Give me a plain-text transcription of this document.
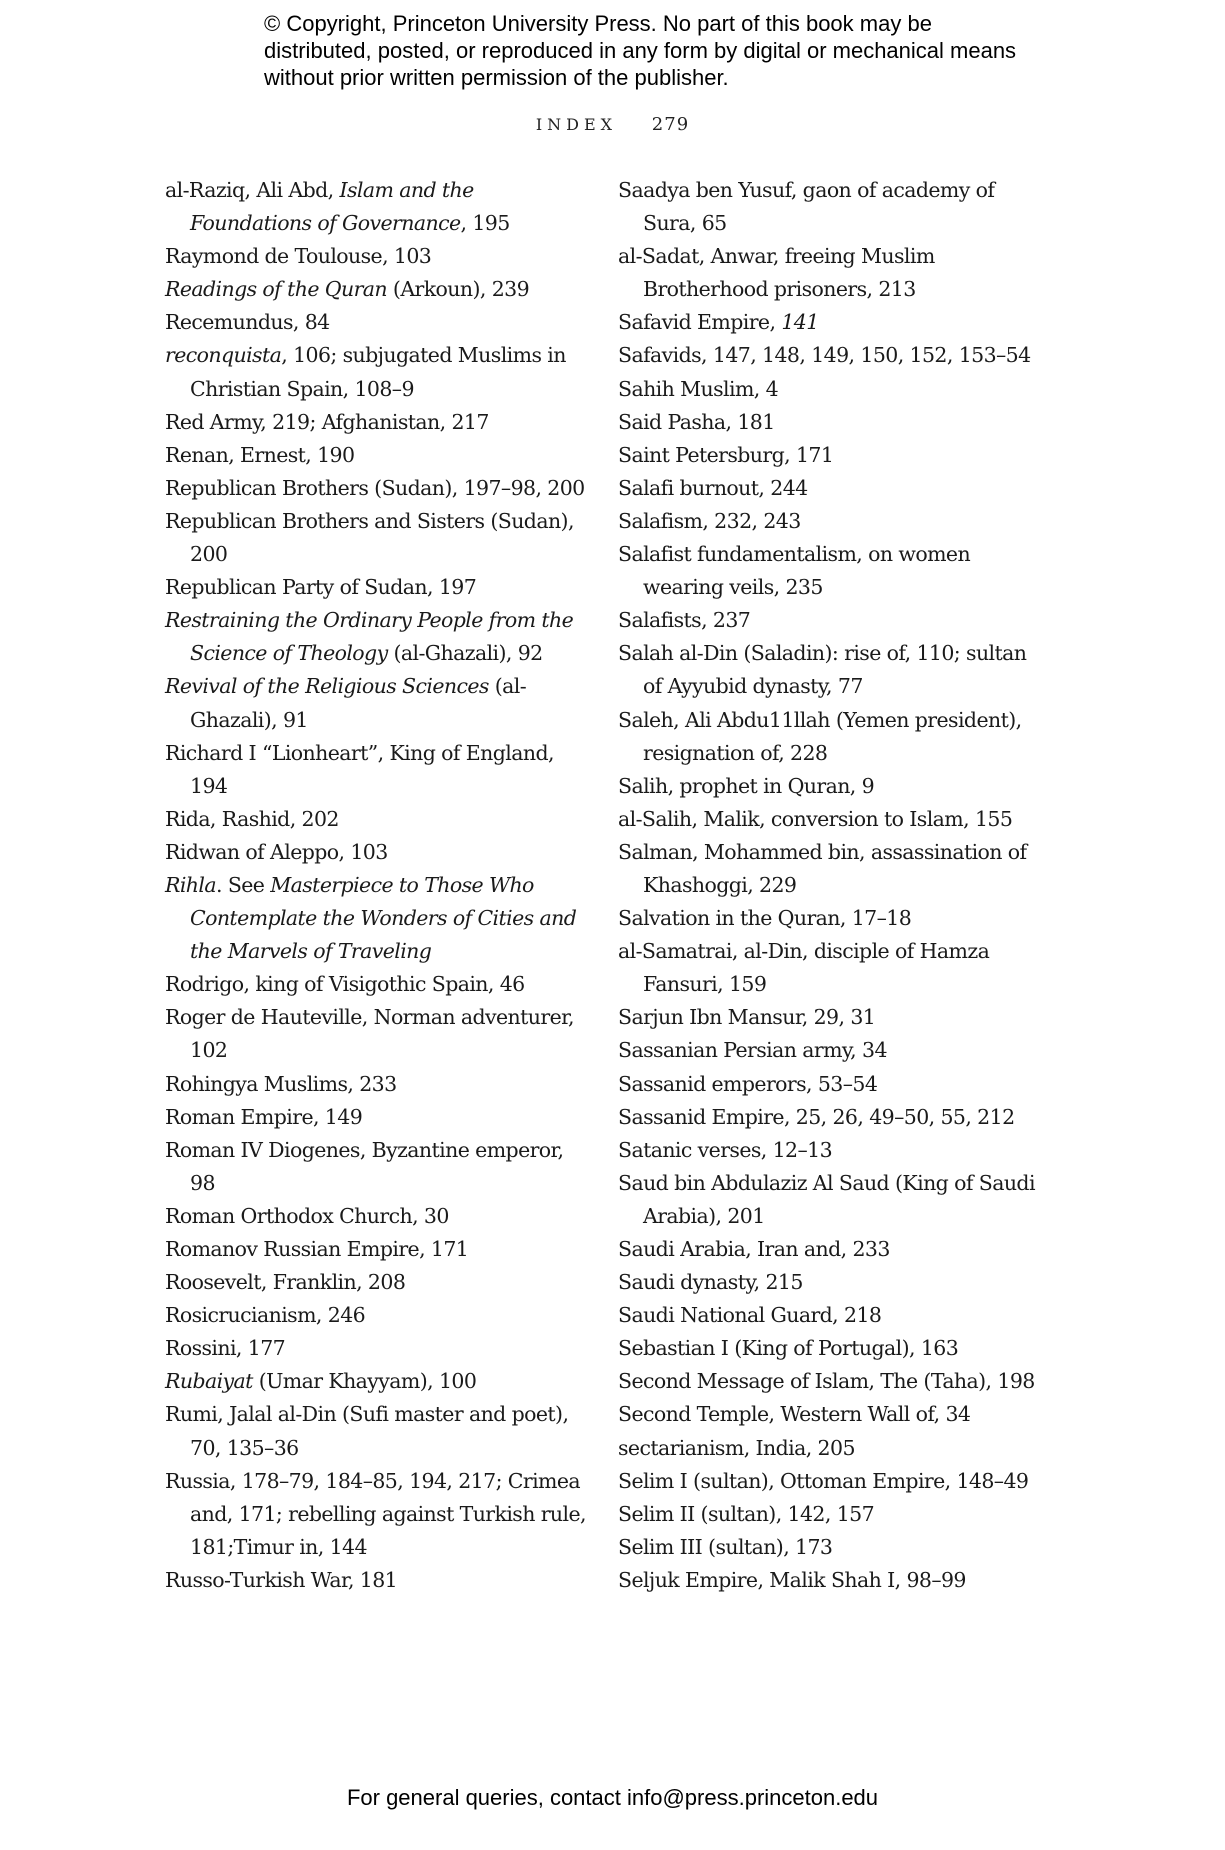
© Copyright, Princeton University Press. No part of this book may be distributed, posted, or reproduced in any form by digital or mechanical means without prior written permission of the publisher.
INDEX 279
al-Raziq, Ali Abd, Islam and the Foundations of Governance, 195
Raymond de Toulouse, 103
Readings of the Quran (Arkoun), 239
Recemundus, 84
reconquista, 106; subjugated Muslims in Christian Spain, 108–9
Red Army, 219; Afghanistan, 217
Renan, Ernest, 190
Republican Brothers (Sudan), 197–98, 200
Republican Brothers and Sisters (Sudan), 200
Republican Party of Sudan, 197
Restraining the Ordinary People from the Science of Theology (al-Ghazali), 92
Revival of the Religious Sciences (al-Ghazali), 91
Richard I “Lionheart”, King of England, 194
Rida, Rashid, 202
Ridwan of Aleppo, 103
Rihla. See Masterpiece to Those Who Contemplate the Wonders of Cities and the Marvels of Traveling
Rodrigo, king of Visigothic Spain, 46
Roger de Hauteville, Norman adventurer, 102
Rohingya Muslims, 233
Roman Empire, 149
Roman IV Diogenes, Byzantine emperor, 98
Roman Orthodox Church, 30
Romanov Russian Empire, 171
Roosevelt, Franklin, 208
Rosicrucianism, 246
Rossini, 177
Rubaiyat (Umar Khayyam), 100
Rumi, Jalal al-Din (Sufi master and poet), 70, 135–36
Russia, 178–79, 184–85, 194, 217; Crimea and, 171; rebelling against Turkish rule, 181;Timur in, 144
Russo-Turkish War, 181
Saadya ben Yusuf, gaon of academy of Sura, 65
al-Sadat, Anwar, freeing Muslim Brotherhood prisoners, 213
Safavid Empire, 141
Safavids, 147, 148, 149, 150, 152, 153–54
Sahih Muslim, 4
Said Pasha, 181
Saint Petersburg, 171
Salafi burnout, 244
Salafism, 232, 243
Salafist fundamentalism, on women wearing veils, 235
Salafists, 237
Salah al-Din (Saladin): rise of, 110; sultan of Ayyubid dynasty, 77
Saleh, Ali Abdu11llah (Yemen president), resignation of, 228
Salih, prophet in Quran, 9
al-Salih, Malik, conversion to Islam, 155
Salman, Mohammed bin, assassination of Khashoggi, 229
Salvation in the Quran, 17–18
al-Samatrai, al-Din, disciple of Hamza Fansuri, 159
Sarjun Ibn Mansur, 29, 31
Sassanian Persian army, 34
Sassanid emperors, 53–54
Sassanid Empire, 25, 26, 49–50, 55, 212
Satanic verses, 12–13
Saud bin Abdulaziz Al Saud (King of Saudi Arabia), 201
Saudi Arabia, Iran and, 233
Saudi dynasty, 215
Saudi National Guard, 218
Sebastian I (King of Portugal), 163
Second Message of Islam, The (Taha), 198
Second Temple, Western Wall of, 34
sectarianism, India, 205
Selim I (sultan), Ottoman Empire, 148–49
Selim II (sultan), 142, 157
Selim III (sultan), 173
Seljuk Empire, Malik Shah I, 98–99
For general queries, contact info@press.princeton.edu
